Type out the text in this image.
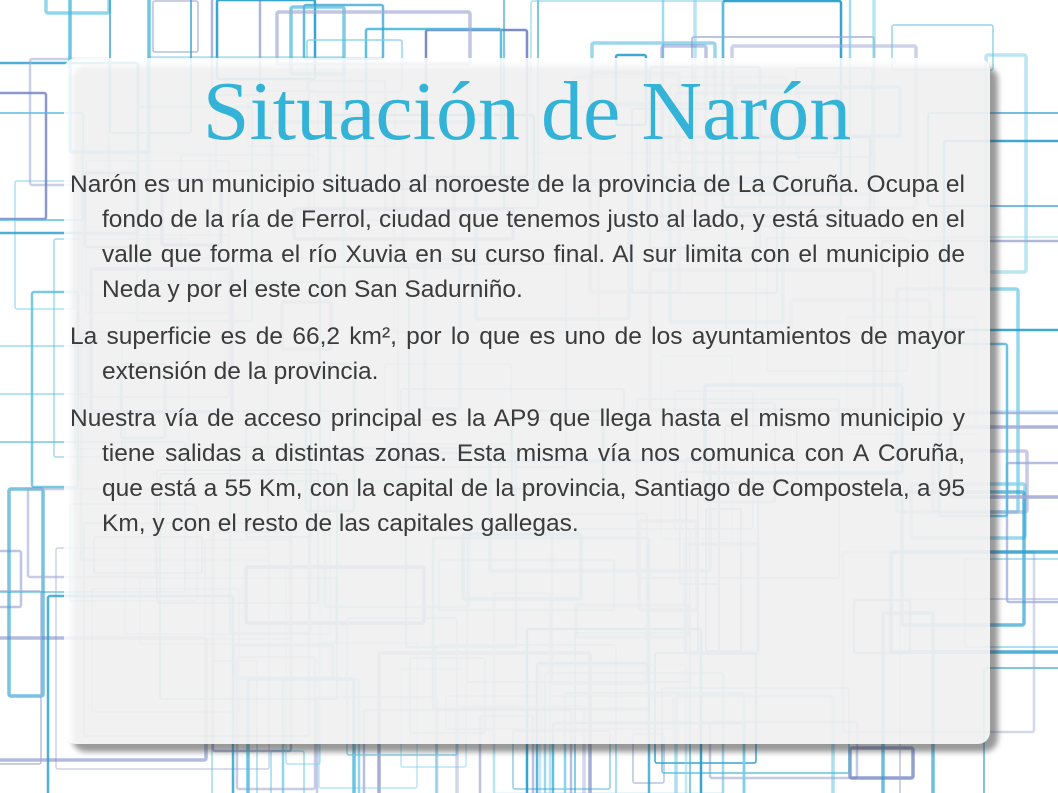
Situación de Narón

Narón es un municipio situado al noroeste de la provincia de La Coruña. Ocupa el fondo de la ría de Ferrol, ciudad que tenemos justo al lado, y está situado en el valle que forma el río Xuvia en su curso final. Al sur limita con el municipio de Neda y por el este con San Sadurniño.

La superficie es de 66,2 km², por lo que es uno de los ayuntamientos de mayor extensión de la provincia.

Nuestra vía de acceso principal es la AP9 que llega hasta el mismo municipio y tiene salidas a distintas zonas. Esta misma vía nos comunica con A Coruña, que está a 55 Km, con la capital de la provincia, Santiago de Compostela, a 95 Km, y con el resto de las capitales gallegas.
